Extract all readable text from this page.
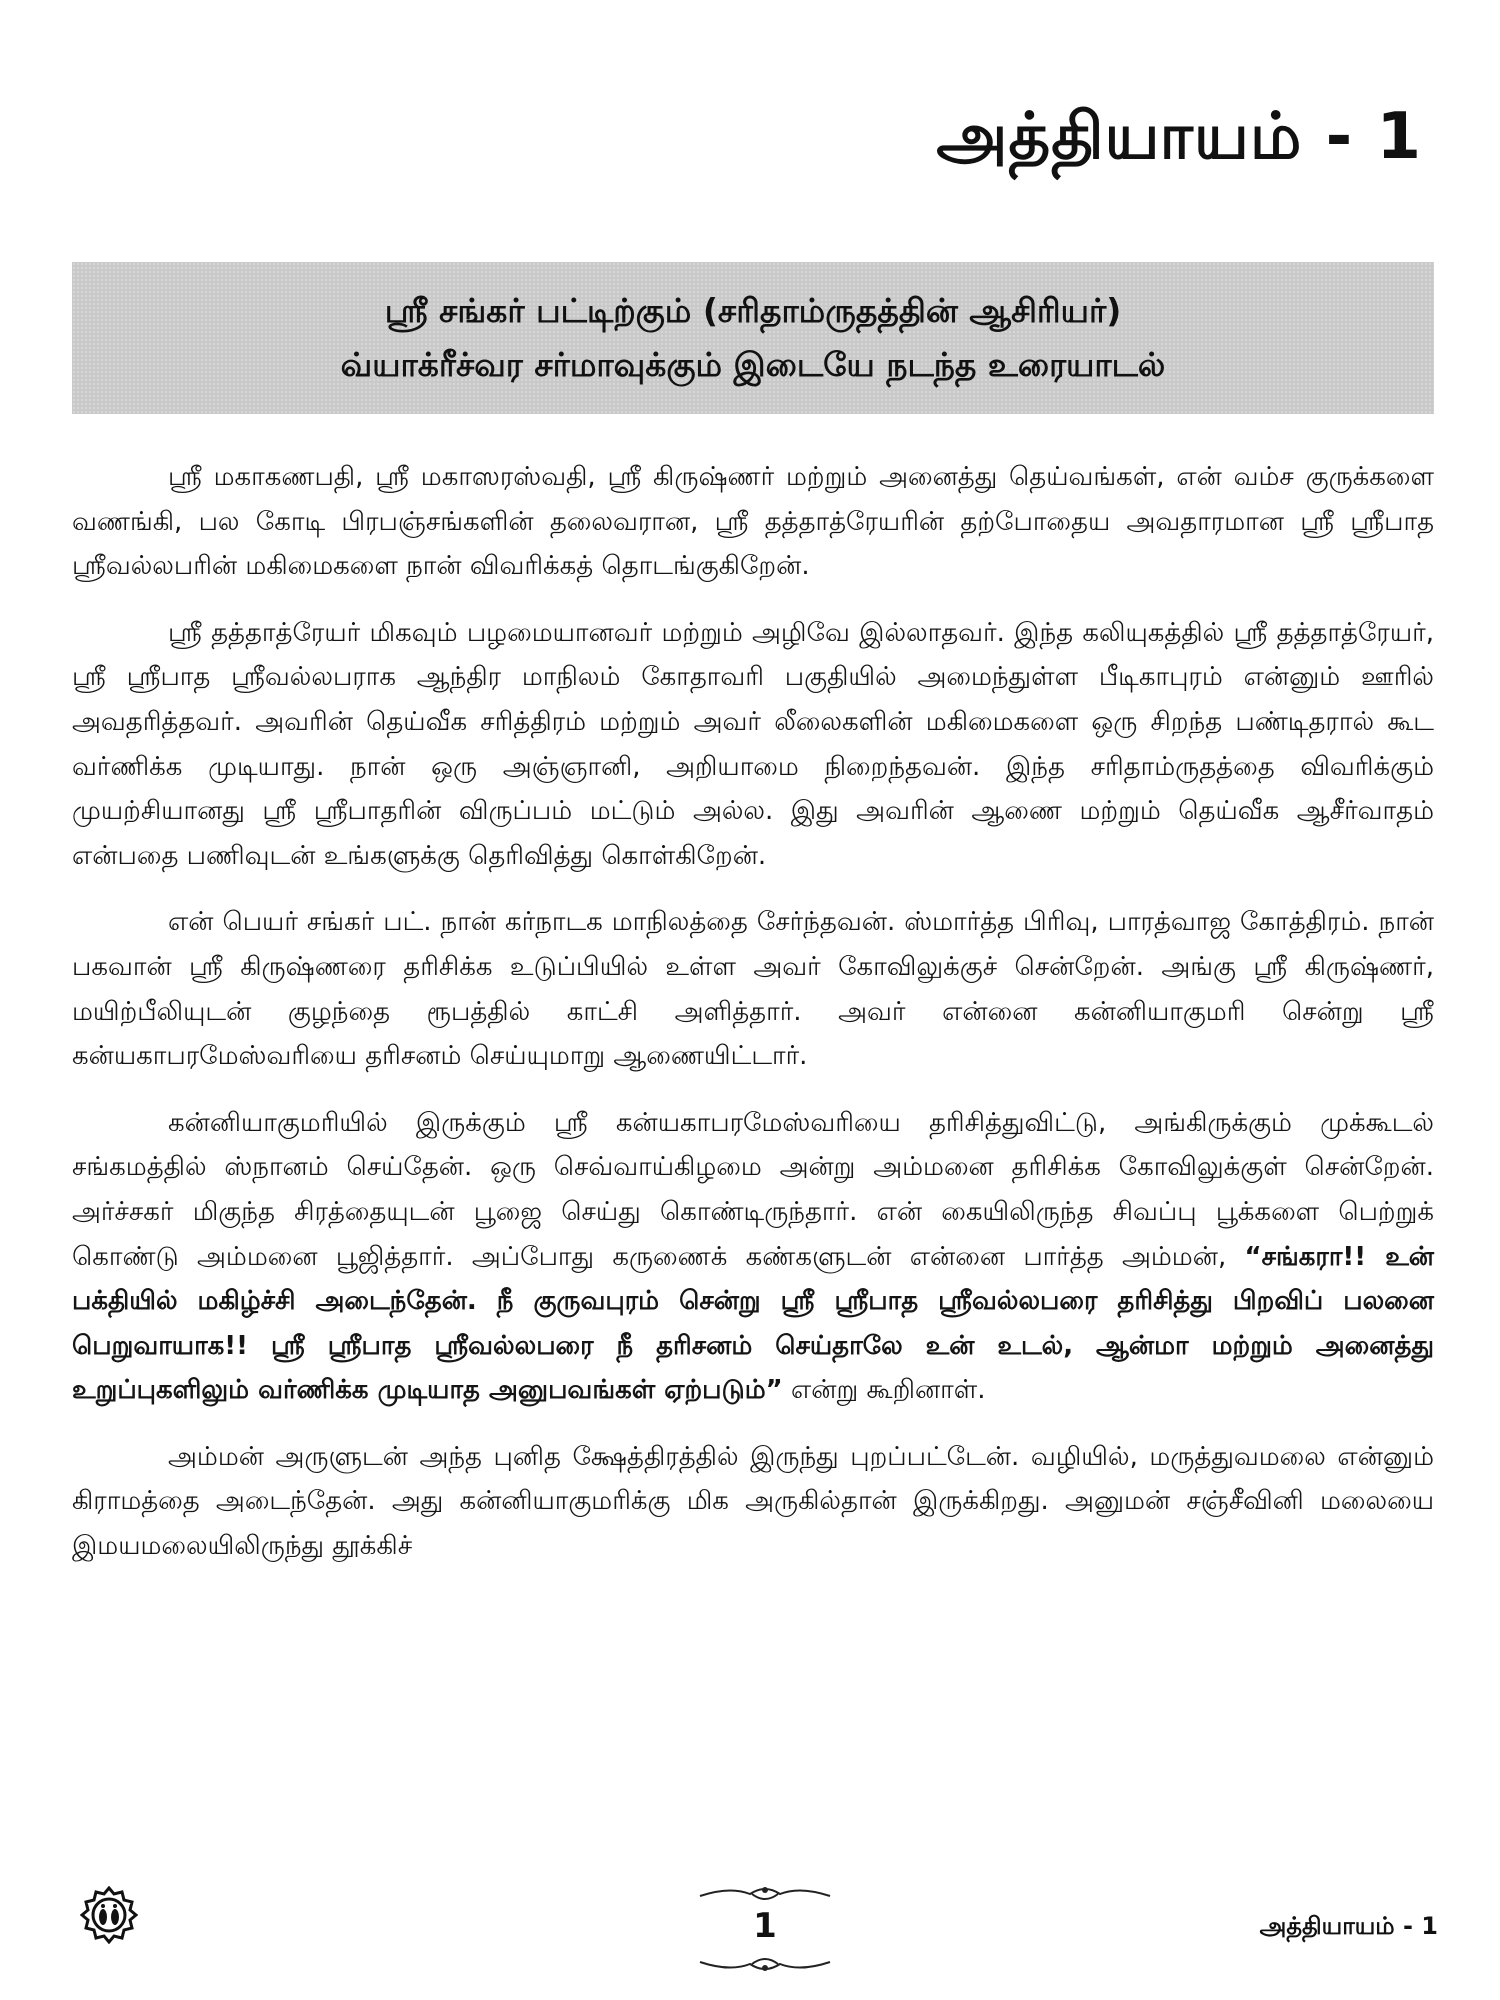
அத்தியாயம் - 1
ஸ்ரீ சங்கர் பட்டிற்கும் (சரிதாம்ருதத்தின் ஆசிரியர்)
வ்யாக்ரீச்வர சர்மாவுக்கும் இடையே நடந்த உரையாடல்

ஸ்ரீ மகாகணபதி, ஸ்ரீ மகாஸரஸ்வதி, ஸ்ரீ கிருஷ்ணர் மற்றும் அனைத்து தெய்வங்கள், என் வம்ச குருக்களை வணங்கி, பல கோடி பிரபஞ்சங்களின் தலைவரான, ஸ்ரீ தத்தாத்ரேயரின் தற்போதைய அவதாரமான ஸ்ரீ ஸ்ரீபாத ஸ்ரீவல்லபரின் மகிமைகளை நான் விவரிக்கத் தொடங்குகிறேன்.

ஸ்ரீ தத்தாத்ரேயர் மிகவும் பழமையானவர் மற்றும் அழிவே இல்லாதவர். இந்த கலியுகத்தில் ஸ்ரீ தத்தாத்ரேயர், ஸ்ரீ ஸ்ரீபாத ஸ்ரீவல்லபராக ஆந்திர மாநிலம் கோதாவரி பகுதியில் அமைந்துள்ள பீடிகாபுரம் என்னும் ஊரில் அவதரித்தவர். அவரின் தெய்வீக சரித்திரம் மற்றும் அவர் லீலைகளின் மகிமைகளை ஒரு சிறந்த பண்டிதரால் கூட வர்ணிக்க முடியாது. நான் ஒரு அஞ்ஞானி, அறியாமை நிறைந்தவன். இந்த சரிதாம்ருதத்தை விவரிக்கும் முயற்சியானது ஸ்ரீ ஸ்ரீபாதரின் விருப்பம் மட்டும் அல்ல. இது அவரின் ஆணை மற்றும் தெய்வீக ஆசீர்வாதம் என்பதை பணிவுடன் உங்களுக்கு தெரிவித்து கொள்கிறேன்.

என் பெயர் சங்கர் பட். நான் கர்நாடக மாநிலத்தை சேர்ந்தவன். ஸ்மார்த்த பிரிவு, பாரத்வாஜ கோத்திரம். நான் பகவான் ஸ்ரீ கிருஷ்ணரை தரிசிக்க உடுப்பியில் உள்ள அவர் கோவிலுக்குச் சென்றேன். அங்கு ஸ்ரீ கிருஷ்ணர், மயிற்பீலியுடன் குழந்தை ரூபத்தில் காட்சி அளித்தார். அவர் என்னை கன்னியாகுமரி சென்று ஸ்ரீ கன்யகாபரமேஸ்வரியை தரிசனம் செய்யுமாறு ஆணையிட்டார்.

கன்னியாகுமரியில் இருக்கும் ஸ்ரீ கன்யகாபரமேஸ்வரியை தரிசித்துவிட்டு, அங்கிருக்கும் முக்கூடல் சங்கமத்தில் ஸ்நானம் செய்தேன். ஒரு செவ்வாய்கிழமை அன்று அம்மனை தரிசிக்க கோவிலுக்குள் சென்றேன். அர்ச்சகர் மிகுந்த சிரத்தையுடன் பூஜை செய்து கொண்டிருந்தார். என் கையிலிருந்த சிவப்பு பூக்களை பெற்றுக் கொண்டு அம்மனை பூஜித்தார். அப்போது கருணைக் கண்களுடன் என்னை பார்த்த அம்மன், “சங்கரா!! உன் பக்தியில் மகிழ்ச்சி அடைந்தேன். நீ குருவபுரம் சென்று ஸ்ரீ ஸ்ரீபாத ஸ்ரீவல்லபரை தரிசித்து பிறவிப் பலனை பெறுவாயாக!! ஸ்ரீ ஸ்ரீபாத ஸ்ரீவல்லபரை நீ தரிசனம் செய்தாலே உன் உடல், ஆன்மா மற்றும் அனைத்து உறுப்புகளிலும் வர்ணிக்க முடியாத அனுபவங்கள் ஏற்படும்” என்று கூறினாள்.

அம்மன் அருளுடன் அந்த புனித க்ஷேத்திரத்தில் இருந்து புறப்பட்டேன். வழியில், மருத்துவமலை என்னும் கிராமத்தை அடைந்தேன். அது கன்னியாகுமரிக்கு மிக அருகில்தான் இருக்கிறது. அனுமன் சஞ்சீவினி மலையை இமயமலையிலிருந்து தூக்கிச்

1	அத்தியாயம் - 1
